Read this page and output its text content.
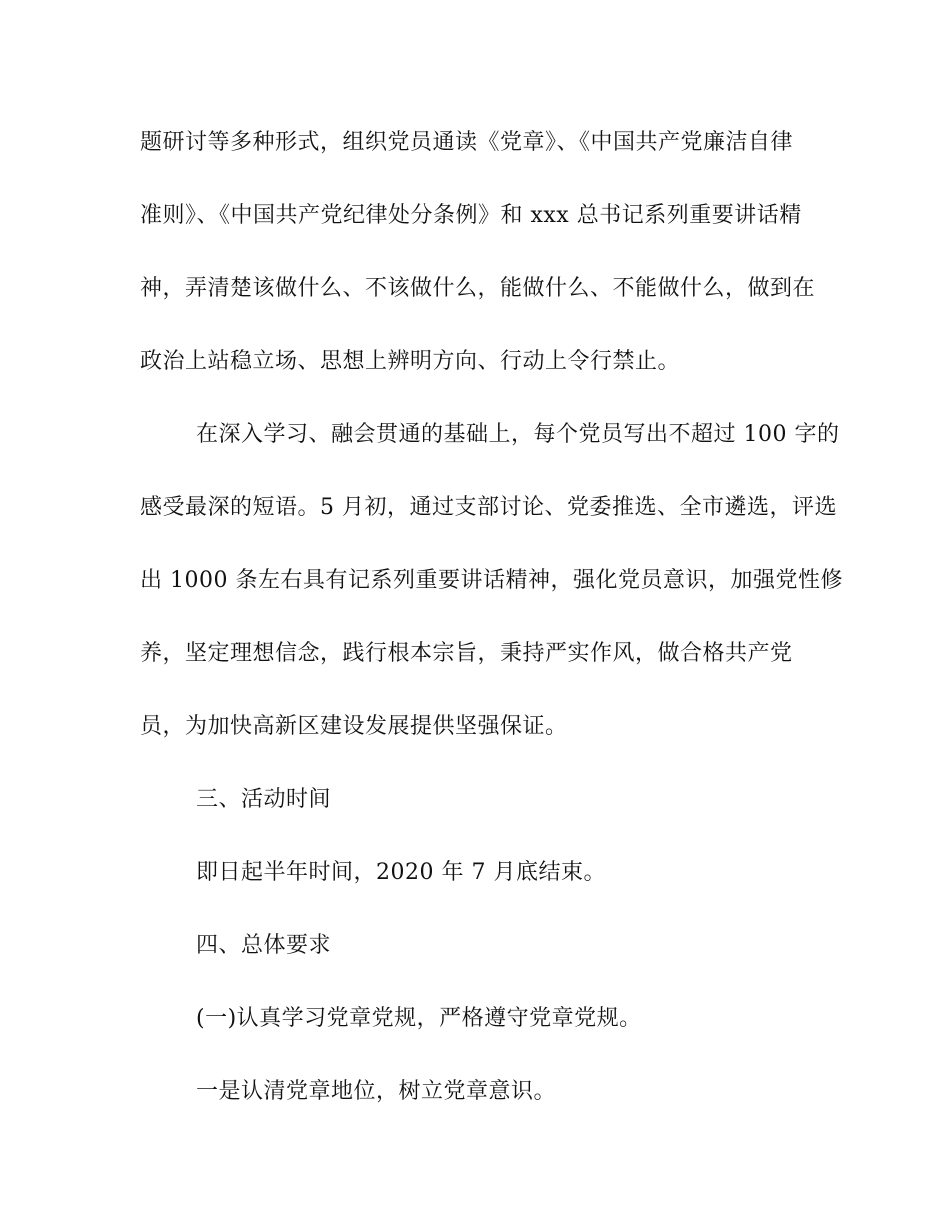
题研讨等多种形式，组织党员通读《党章》、《中国共产党廉洁自律
准则》、《中国共产党纪律处分条例》和 xxx 总书记系列重要讲话精
神，弄清楚该做什么、不该做什么，能做什么、不能做什么，做到在
政治上站稳立场、思想上辨明方向、行动上令行禁止。
在深入学习、融会贯通的基础上，每个党员写出不超过 100 字的
感受最深的短语。5 月初，通过支部讨论、党委推选、全市遴选，评选
出 1000 条左右具有记系列重要讲话精神，强化党员意识，加强党性修
养，坚定理想信念，践行根本宗旨，秉持严实作风，做合格共产党
员，为加快高新区建设发展提供坚强保证。
三、活动时间
即日起半年时间，2020 年 7 月底结束。
四、总体要求
(一)认真学习党章党规，严格遵守党章党规。
一是认清党章地位，树立党章意识。
